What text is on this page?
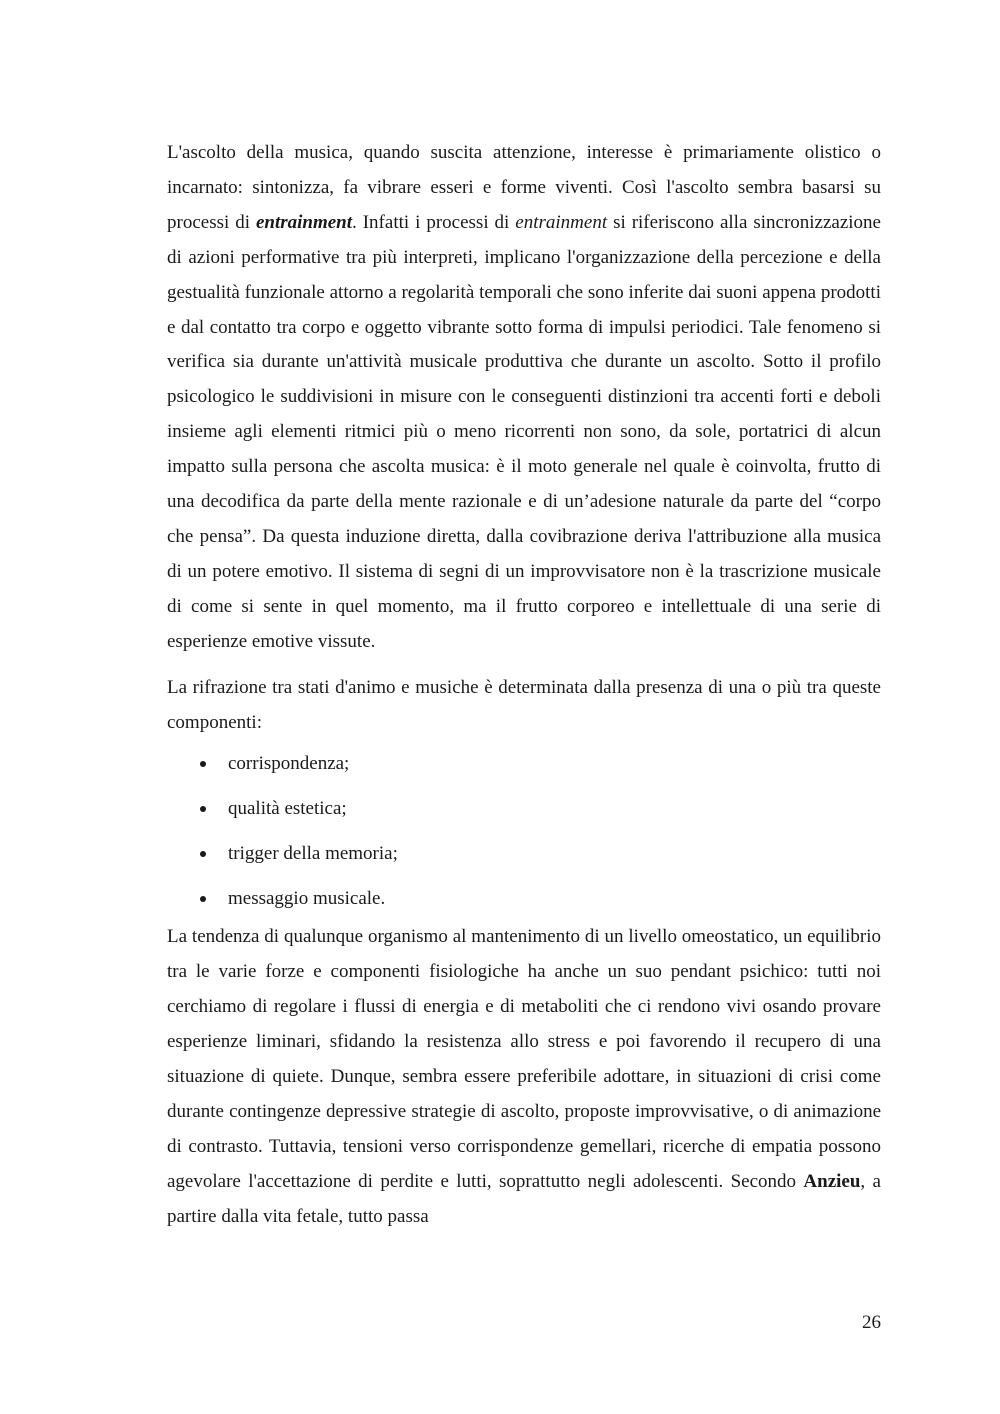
L'ascolto della musica, quando suscita attenzione, interesse è primariamente olistico o incarnato: sintonizza, fa vibrare esseri e forme viventi. Così l'ascolto sembra basarsi su processi di entrainment. Infatti i processi di entrainment si riferiscono alla sincronizzazione di azioni performative tra più interpreti, implicano l'organizzazione della percezione e della gestualità funzionale attorno a regolarità temporali che sono inferite dai suoni appena prodotti e dal contatto tra corpo e oggetto vibrante sotto forma di impulsi periodici. Tale fenomeno si verifica sia durante un'attività musicale produttiva che durante un ascolto. Sotto il profilo psicologico le suddivisioni in misure con le conseguenti distinzioni tra accenti forti e deboli insieme agli elementi ritmici più o meno ricorrenti non sono, da sole, portatrici di alcun impatto sulla persona che ascolta musica: è il moto generale nel quale è coinvolta, frutto di una decodifica da parte della mente razionale e di un’adesione naturale da parte del “corpo che pensa”. Da questa induzione diretta, dalla covibrazione deriva l'attribuzione alla musica di un potere emotivo. Il sistema di segni di un improvvisatore non è la trascrizione musicale di come si sente in quel momento, ma il frutto corporeo e intellettuale di una serie di esperienze emotive vissute.

La rifrazione tra stati d'animo e musiche è determinata dalla presenza di una o più tra queste componenti:

corrispondenza;
qualità estetica;
trigger della memoria;
messaggio musicale.

La tendenza di qualunque organismo al mantenimento di un livello omeostatico, un equilibrio tra le varie forze e componenti fisiologiche ha anche un suo pendant psichico: tutti noi cerchiamo di regolare i flussi di energia e di metaboliti che ci rendono vivi osando provare esperienze liminari, sfidando la resistenza allo stress e poi favorendo il recupero di una situazione di quiete. Dunque, sembra essere preferibile adottare, in situazioni di crisi come durante contingenze depressive strategie di ascolto, proposte improvvisative, o di animazione di contrasto. Tuttavia, tensioni verso corrispondenze gemellari, ricerche di empatia possono agevolare l'accettazione di perdite e lutti, soprattutto negli adolescenti. Secondo Anzieu, a partire dalla vita fetale, tutto passa

26
